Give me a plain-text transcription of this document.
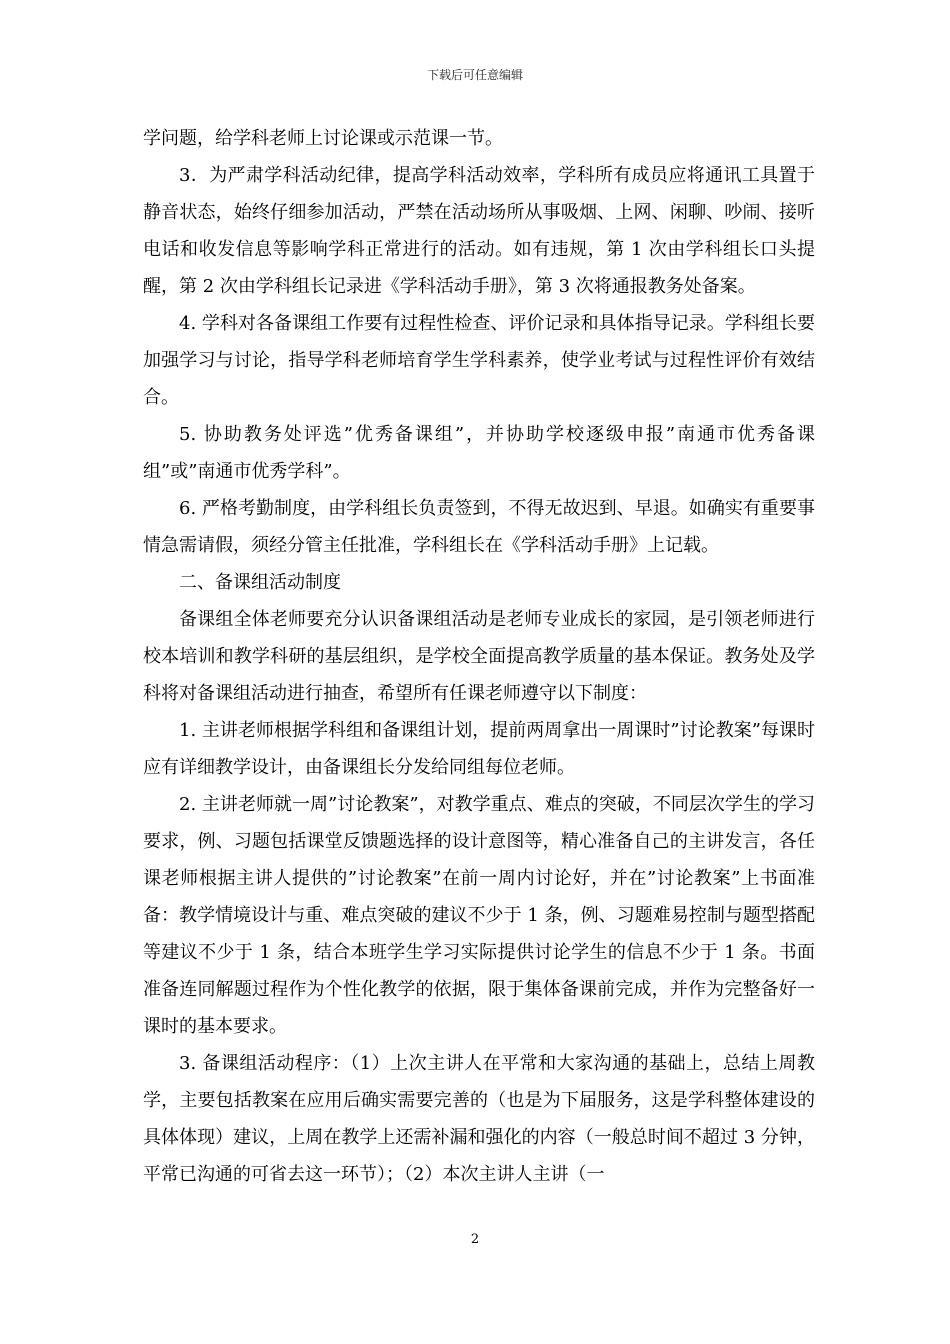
下载后可任意编辑

学问题，给学科老师上讨论课或示范课一节。

3．为严肃学科活动纪律，提高学科活动效率，学科所有成员应将通讯工具置于静音状态，始终仔细参加活动，严禁在活动场所从事吸烟、上网、闲聊、吵闹、接听电话和收发信息等影响学科正常进行的活动。如有违规，第 1 次由学科组长口头提醒，第 2 次由学科组长记录进《学科活动手册》，第 3 次将通报教务处备案。

4. 学科对各备课组工作要有过程性检查、评价记录和具体指导记录。学科组长要加强学习与讨论，指导学科老师培育学生学科素养，使学业考试与过程性评价有效结合。

5. 协助教务处评选”优秀备课组”，并协助学校逐级申报”南通市优秀备课组”或”南通市优秀学科”。

6. 严格考勤制度，由学科组长负责签到，不得无故迟到、早退。如确实有重要事情急需请假，须经分管主任批准，学科组长在《学科活动手册》上记载。

二、备课组活动制度

备课组全体老师要充分认识备课组活动是老师专业成长的家园，是引领老师进行校本培训和教学科研的基层组织，是学校全面提高教学质量的基本保证。教务处及学科将对备课组活动进行抽查，希望所有任课老师遵守以下制度：

1. 主讲老师根据学科组和备课组计划，提前两周拿出一周课时”讨论教案”每课时应有详细教学设计，由备课组长分发给同组每位老师。

2. 主讲老师就一周”讨论教案”，对教学重点、难点的突破，不同层次学生的学习要求，例、习题包括课堂反馈题选择的设计意图等，精心准备自己的主讲发言，各任课老师根据主讲人提供的”讨论教案”在前一周内讨论好，并在”讨论教案”上书面准备：教学情境设计与重、难点突破的建议不少于 1 条，例、习题难易控制与题型搭配等建议不少于 1 条，结合本班学生学习实际提供讨论学生的信息不少于 1 条。书面准备连同解题过程作为个性化教学的依据，限于集体备课前完成，并作为完整备好一课时的基本要求。

3. 备课组活动程序：（1）上次主讲人在平常和大家沟通的基础上，总结上周教学，主要包括教案在应用后确实需要完善的（也是为下届服务，这是学科整体建设的具体体现）建议，上周在教学上还需补漏和强化的内容（一般总时间不超过 3 分钟，平常已沟通的可省去这一环节）；（2）本次主讲人主讲（一

2
